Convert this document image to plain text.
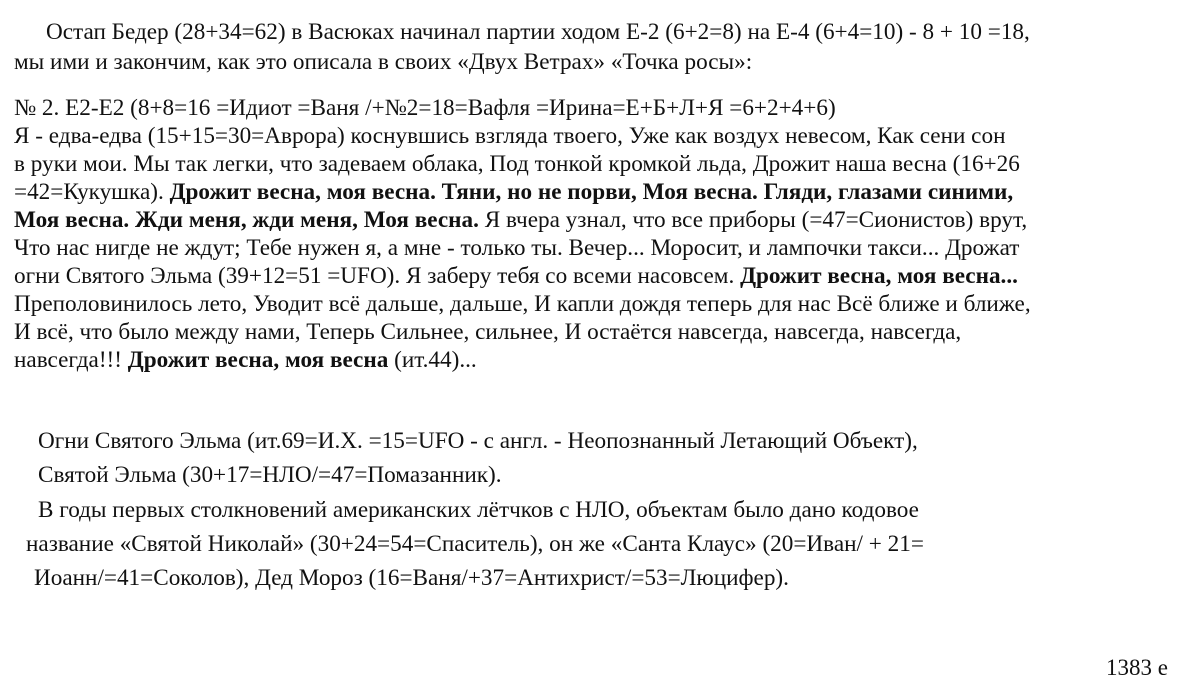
Остап Бедер (28+34=62) в Васюках начинал партии ходом Е-2 (6+2=8) на Е-4 (6+4=10) - 8 + 10 =18,
мы ими и закончим, как это описала в своих «Двух Ветрах» «Точка росы»:
№ 2. Е2-Е2 (8+8=16 =Идиот =Ваня /+№2=18=Вафля =Ирина=Е+Б+Л+Я =6+2+4+6)
Я - едва-едва (15+15=30=Аврора) коснувшись взгляда твоего, Уже как воздух невесом, Как сени сон
в руки мои. Мы так легки, что задеваем облака, Под тонкой кромкой льда, Дрожит наша весна (16+26
=42=Кукушка). Дрожит весна, моя весна. Тяни, но не порви, Моя весна. Гляди, глазами синими,
Моя весна. Жди меня, жди меня, Моя весна. Я вчера узнал, что все приборы (=47=Сионистов) врут,
Что нас нигде не ждут; Тебе нужен я, а мне - только ты. Вечер... Моросит, и лампочки такси... Дрожат
огни Святого Эльма (39+12=51 =UFO). Я заберу тебя со всеми насовсем. Дрожит весна, моя весна...
Преполовинилось лето, Уводит всё дальше, дальше, И капли дождя теперь для нас Всё ближе и ближе,
И всё, что было между нами, Теперь Сильнее, сильнее, И остаётся навсегда, навсегда, навсегда,
навсегда!!! Дрожит весна, моя весна (ит.44)...
Огни Святого Эльма (ит.69=И.Х. =15=UFO - с англ. - Неопознанный Летающий Объект),
Святой Эльма (30+17=НЛО/=47=Помазанник).
В годы первых столкновений американских лётчков с НЛО, объектам было дано кодовое
название «Святой Николай» (30+24=54=Спаситель), он же «Санта Клаус» (20=Иван/ + 21=
Иоанн/=41=Соколов), Дед Мороз (16=Ваня/+37=Антихрист/=53=Люцифер).
1383 е
